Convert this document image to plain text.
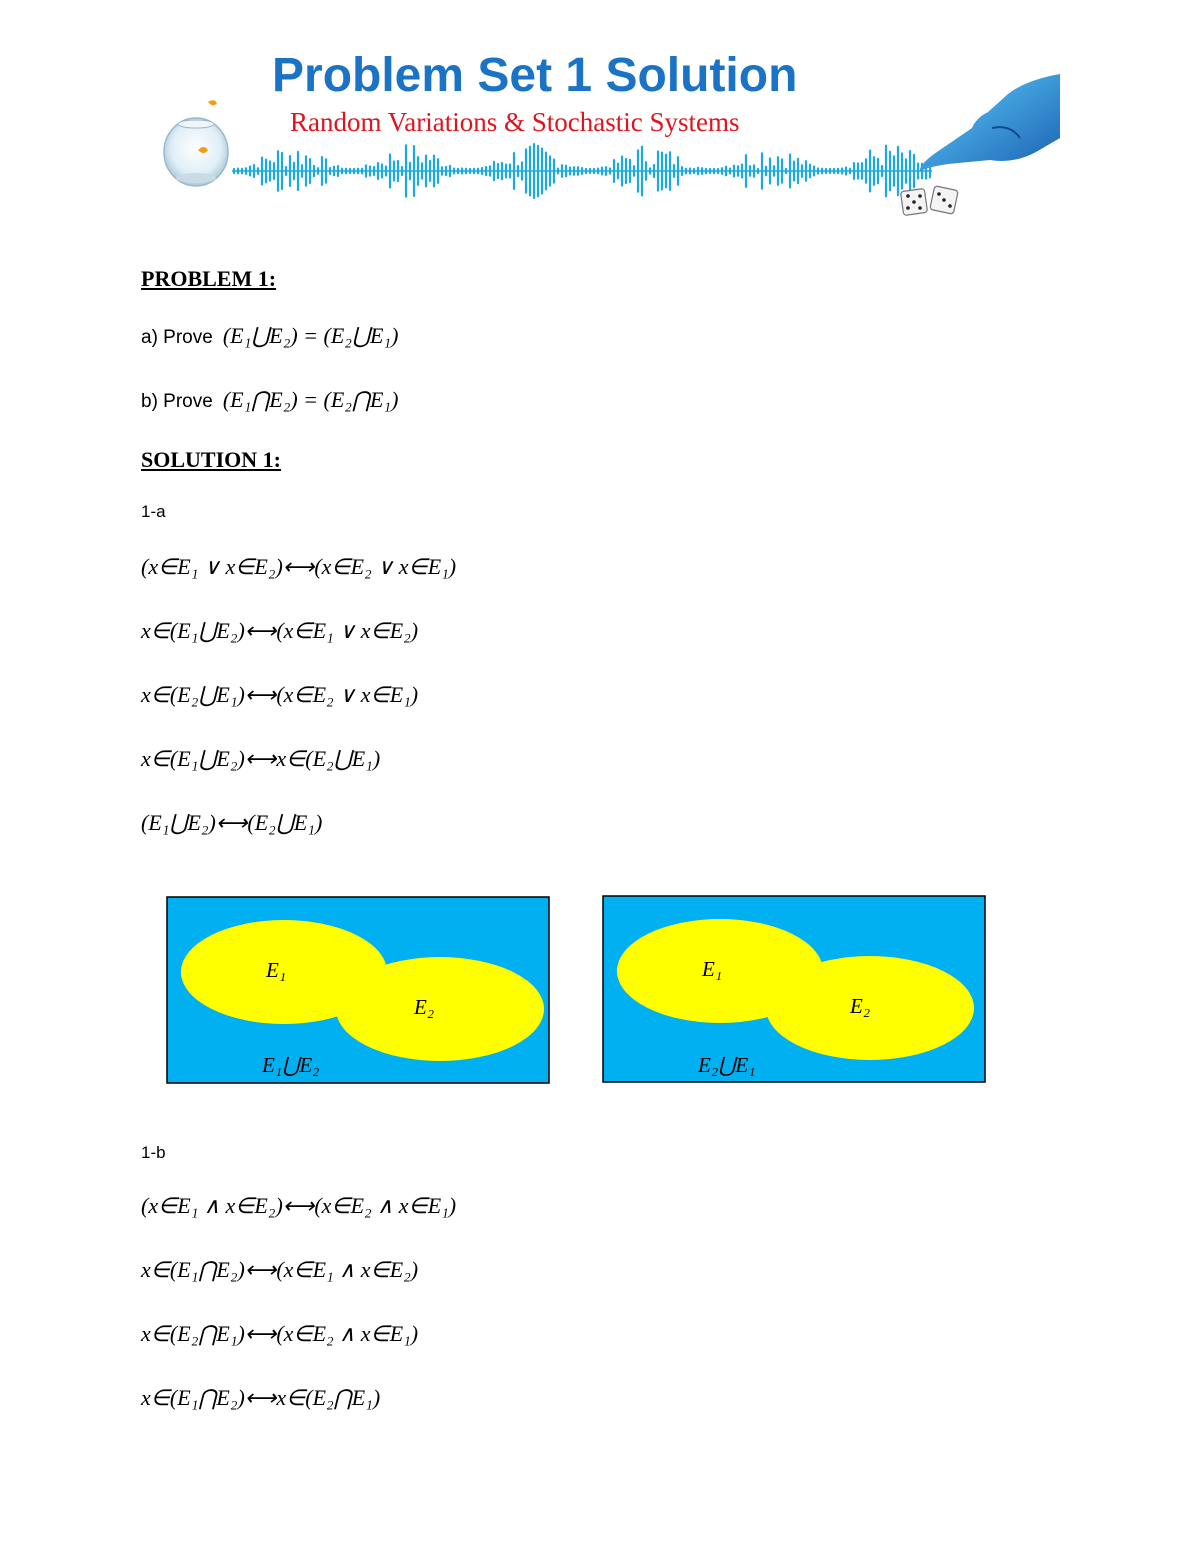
Problem Set 1 Solution
Random Variations & Stochastic Systems
PROBLEM 1:
a) Prove (E₁⋃E₂) = (E₂⋃E₁)
b) Prove (E₁⋂E₂) = (E₂⋂E₁)
SOLUTION 1:
1-a
(x∈E₁ ∨ x∈E₂)⟷(x∈E₂ ∨ x∈E₁)
x∈(E₁⋃E₂)⟷(x∈E₁ ∨ x∈E₂)
x∈(E₂⋃E₁)⟷(x∈E₂ ∨ x∈E₁)
x∈(E₁⋃E₂)⟷x∈(E₂⋃E₁)
(E₁⋃E₂)⟷(E₂⋃E₁)
E₁
E₂
E₁⋃E₂
E₁
E₂
E₂⋃E₁
1-b
(x∈E₁ ∧ x∈E₂)⟷(x∈E₂ ∧ x∈E₁)
x∈(E₁⋂E₂)⟷(x∈E₁ ∧ x∈E₂)
x∈(E₂⋂E₁)⟷(x∈E₂ ∧ x∈E₁)
x∈(E₁⋂E₂)⟷x∈(E₂⋂E₁)
